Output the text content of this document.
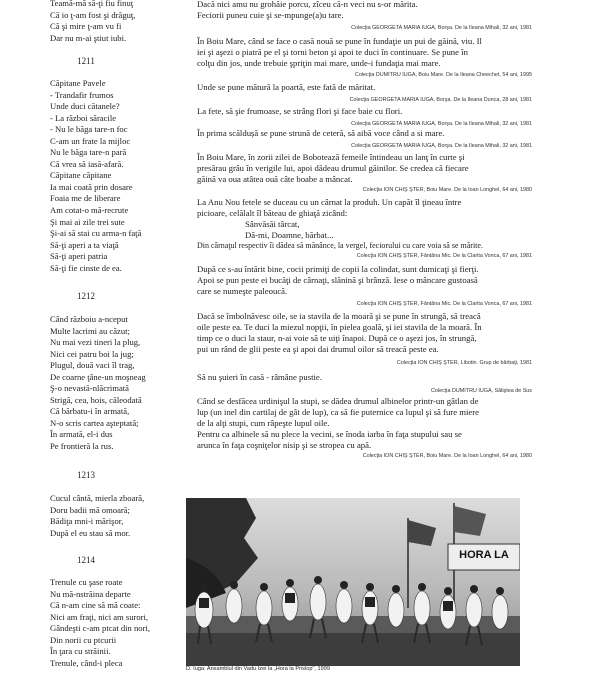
Teamă-mă să-ţi fiu finuţ
Că io ţ-am fost şi drăguţ,
Că şi mire ţ-am vu fi
Dar nu m-ai ştiut iubi.
1211
Căpitane Pavele
- Trandafir frumos
Unde duci cătanele?
- La război săracile
- Nu le băga tare-n foc
C-am un frate la mijloc
Nu le băga tare-n pară
Că vrea să iasă-afară.
Căpitane căpitane
Ia mai coată prin dosare
Foaia me de liberare
Am cotat-o mă-recrute
Şi mai ai zile trei sute
Şi-ai să stai cu arma-n faţă
Să-ţi aperi a ta viaţă
Să-ţi aperi patria
Să-ţi fie cinste de ea.
1212
Când războiu a-nceput
Multe lacrimi au căzut;
Nu mai vezi tineri la plug,
Nici cei patru boi la jug;
Plugul, două vaci îl trag,
De coarne ţâne-un moşneag
Ş-o nevastă-nlăcrimată
Strigă, cea, hois, căleodată
Că bărbatu-i în armată,
N-o scris cartea aşteptată;
În armată, el-i dus
Pe frontieră la rus.
1213
Cucul cântă, mierla zboară,
Doru badii mă omoară;
Bădiţa mni-i mărişor,
După el eu stau să mor.
1214
Trenule cu şase roate
Nu mă-nstrăina departe
Că n-am cine să mă coate:
Nici am fraţi, nici am surori,
Gândeşti c-am ptcat din nori,
Din norii cu ptcurii
În ţara cu străinii.
Trenule, când-i pleca
Dacă nici amu nu grohăie porcu, zîceu că-n veci nu s-or mărita.
Feciorii puneu cuie şi se-mpunge(a)u tare.
Colecţia GEORGETA MARIA IUGA, Borşa. De la Ileana Mihali, 32 ani, 1981
În Boiu Mare, când se face o casă nouă se pune în fundaţie un pui de găină, viu. Il
iei şi aşezi o piatră pe el şi torni beton şi apoi te duci în continuare. Se pune în
colţu din jos, unde trebuie şpriţin mai mare, unde-i fundaţia mai mare.
Colecţia DUMITRU IUGA, Boiu Mare. De la Ileana Cheechet, 54 ani, 1995
Unde se pune mătură la poartă, este fată de măritat.
Colecţia GEORGETA MARIA IUGA, Borşa. De la Ileana Dunca, 28 ani, 1981
La fete, să şie frumoase, se strâng flori şi face baie cu flori.
Colecţia GEORGETA MARIA IUGA, Borşa. De la Ileana Mihali, 32 ani, 1981
În prima scăldușă se pune strună de ceteră, să aibă voce când a si mare.
Colecţia GEORGETA MARIA IUGA, Borşa. De la Ileana Mihali, 32 ani, 1981
În Boiu Mare, în zorii zilei de Bobotează femeile întindeau un lanţ în curte şi
presărau grâu în verigile lui, apoi dădeau drumul găinilor. Se credea că fiecare
găină va oua atâtea ouă câte boabe a mâncat.
Colecţia ION CHIŞ ŞTER, Boiu Mare. De la Ioan Longhel, 64 ani, 1980
La Anu Nou fetele se duceau cu un cârnat la produh. Un capăt îl ţineau între
picioare, celălalt îl băteau de ghiaţă zicând:
Sânvăsăi târcat,
Dă-mi, Doamne, bărbat...
Din cârnaţul respectiv îi dădea să mănânce, la vergel, feciorului cu care voia să se mărite.
Colecţia ION CHIŞ ŞTER, Fântâna Mic. De la Clarita Vonca, 67 ani, 1981
După ce s-au întărit bine, cocii primiţi de copii la colindat, sunt dumicaţi şi fierţi.
Apoi se pun peste ei bucăţi de cârnaţi, slănină şi brânză. Iese o mâncare gustoasă
care se numeşte paleoucă.
Colecţia ION CHIŞ ŞTER, Fântâna Mic. De la Clarita Vonca, 67 ani, 1981
Dacă se îmbolnăvesc oile, se ia stavila de la moară şi se pune în strungă, să treacă
oile peste ea. Te duci la miezul nopţii, în pielea goală, şi iei stavila de la moară. În
timp ce o duci la staur, n-ai voie să te uiţi înapoi. După ce o aşezi jos, în strungă,
pui un rând de glii peste ea şi apoi dai drumul oilor să treacă peste ea.
Colecţia ION CHIŞ ŞTER, Libotin. Grup de bărbaţi, 1981
Să nu şuieri în casă - râmâne pustie.
Colecţia DUMITRU IUGA, Săliştea de Sus
Când se desfăcea urdinişul la stupi, se dădea drumul albinelor printr-un gâtlan de
lup (un inel din cartilaj de gât de lup), ca să fie puternice ca lupul şi să fure miere
de la alţi stupi, cum râpeşte lupul oile.
Pentru ca albinele să nu plece la vecini, se înoda iarba în faţa stupului sau se
arunca în faţa coşniţelor nisip şi se stropea cu apă.
Colecţia ION CHIŞ ŞTER, Boiu Mare. De la Ioan Longhel, 64 ani, 1980
HORA LA
D. Iuga: Ansamblul din Vadu Izei la „Hora la Prislop", 1999
